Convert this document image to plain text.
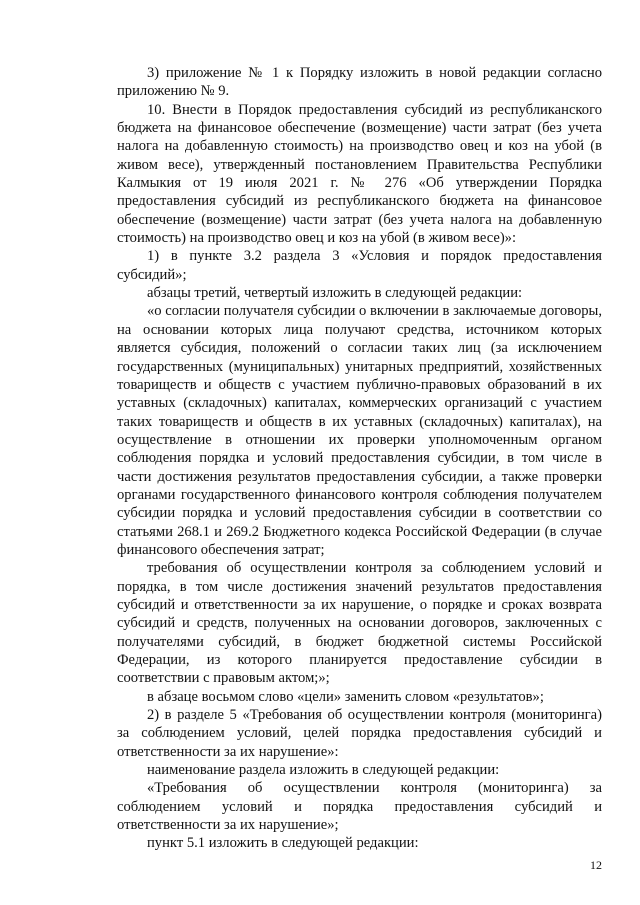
3) приложение № 1 к Порядку изложить в новой редакции согласно приложению № 9.

10. Внести в Порядок предоставления субсидий из республиканского бюджета на финансовое обеспечение (возмещение) части затрат (без учета налога на добавленную стоимость) на производство овец и коз на убой (в живом весе), утвержденный постановлением Правительства Республики Калмыкия от 19 июля 2021 г. № 276 «Об утверждении Порядка предоставления субсидий из республиканского бюджета на финансовое обеспечение (возмещение) части затрат (без учета налога на добавленную стоимость) на производство овец и коз на убой (в живом весе)»:

1) в пункте 3.2 раздела 3 «Условия и порядок предоставления субсидий»;

абзацы третий, четвертый изложить в следующей редакции:

«о согласии получателя субсидии о включении в заключаемые договоры, на основании которых лица получают средства, источником которых является субсидия, положений о согласии таких лиц (за исключением государственных (муниципальных) унитарных предприятий, хозяйственных товариществ и обществ с участием публично-правовых образований в их уставных (складочных) капиталах, коммерческих организаций с участием таких товариществ и обществ в их уставных (складочных) капиталах), на осуществление в отношении их проверки уполномоченным органом соблюдения порядка и условий предоставления субсидии, в том числе в части достижения результатов предоставления субсидии, а также проверки органами государственного финансового контроля соблюдения получателем субсидии порядка и условий предоставления субсидии в соответствии со статьями 268.1 и 269.2 Бюджетного кодекса Российской Федерации (в случае финансового обеспечения затрат;

требования об осуществлении контроля за соблюдением условий и порядка, в том числе достижения значений результатов предоставления субсидий и ответственности за их нарушение, о порядке и сроках возврата субсидий и средств, полученных на основании договоров, заключенных с получателями субсидий, в бюджет бюджетной системы Российской Федерации, из которого планируется предоставление субсидии в соответствии с правовым актом;»;

в абзаце восьмом слово «цели» заменить словом «результатов»;

2) в разделе 5 «Требования об осуществлении контроля (мониторинга) за соблюдением условий, целей порядка предоставления субсидий и ответственности за их нарушение»:

наименование раздела изложить в следующей редакции:

«Требования об осуществлении контроля (мониторинга) за соблюдением условий и порядка предоставления субсидий и ответственности за их нарушение»;

пункт 5.1 изложить в следующей редакции:

12
